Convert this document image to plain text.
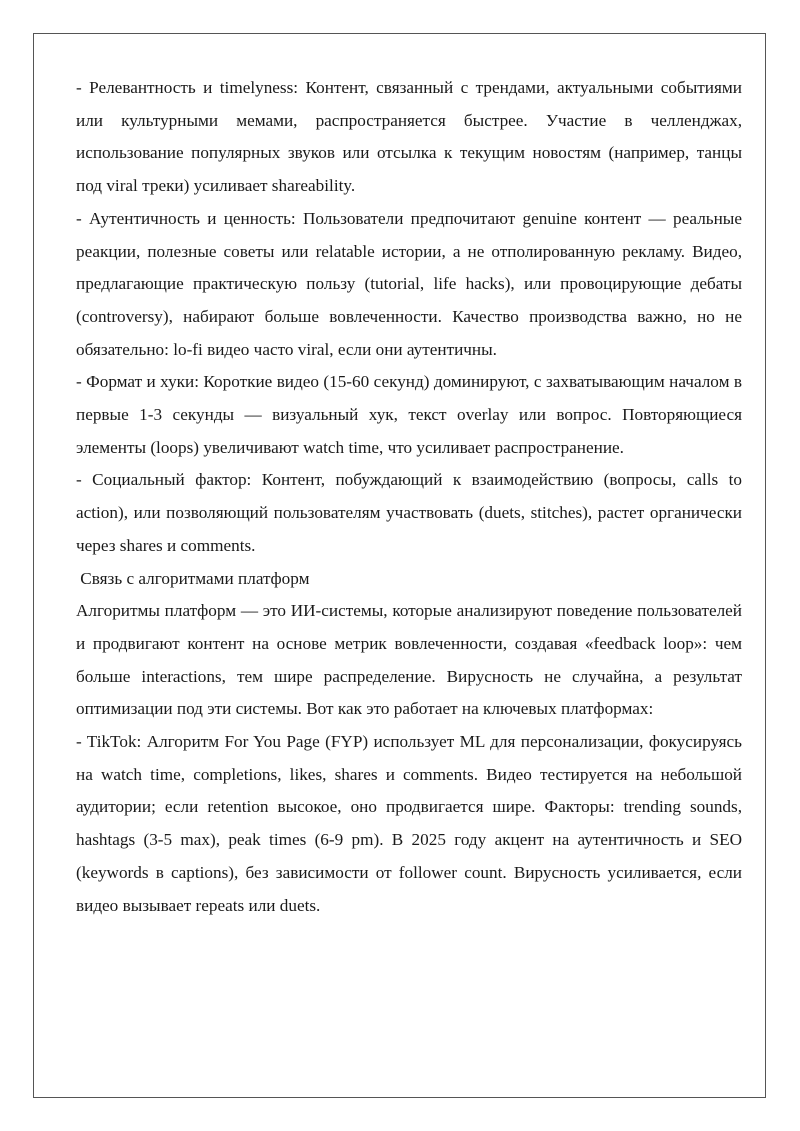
- Релевантность и timelyness: Контент, связанный с трендами, актуальными событиями или культурными мемами, распространяется быстрее. Участие в челленджах, использование популярных звуков или отсылка к текущим новостям (например, танцы под viral треки) усиливает shareability.

- Аутентичность и ценность: Пользователи предпочитают genuine контент — реальные реакции, полезные советы или relatable истории, а не отполированную рекламу. Видео, предлагающие практическую пользу (tutorial, life hacks), или провоцирующие дебаты (controversy), набирают больше вовлеченности. Качество производства важно, но не обязательно: lo-fi видео часто viral, если они аутентичны.

- Формат и хуки: Короткие видео (15-60 секунд) доминируют, с захватывающим началом в первые 1-3 секунды — визуальный хук, текст overlay или вопрос. Повторяющиеся элементы (loops) увеличивают watch time, что усиливает распространение.

- Социальный фактор: Контент, побуждающий к взаимодействию (вопросы, calls to action), или позволяющий пользователям участвовать (duets, stitches), растет органически через shares и comments.

Связь с алгоритмами платформ

Алгоритмы платформ — это ИИ-системы, которые анализируют поведение пользователей и продвигают контент на основе метрик вовлеченности, создавая «feedback loop»: чем больше interactions, тем шире распределение. Вирусность не случайна, а результат оптимизации под эти системы. Вот как это работает на ключевых платформах:

- TikTok: Алгоритм For You Page (FYP) использует ML для персонализации, фокусируясь на watch time, completions, likes, shares и comments. Видео тестируется на небольшой аудитории; если retention высокое, оно продвигается шире. Факторы: trending sounds, hashtags (3-5 max), peak times (6-9 pm). В 2025 году акцент на аутентичность и SEO (keywords в captions), без зависимости от follower count. Вирусность усиливается, если видео вызывает repeats или duets.
